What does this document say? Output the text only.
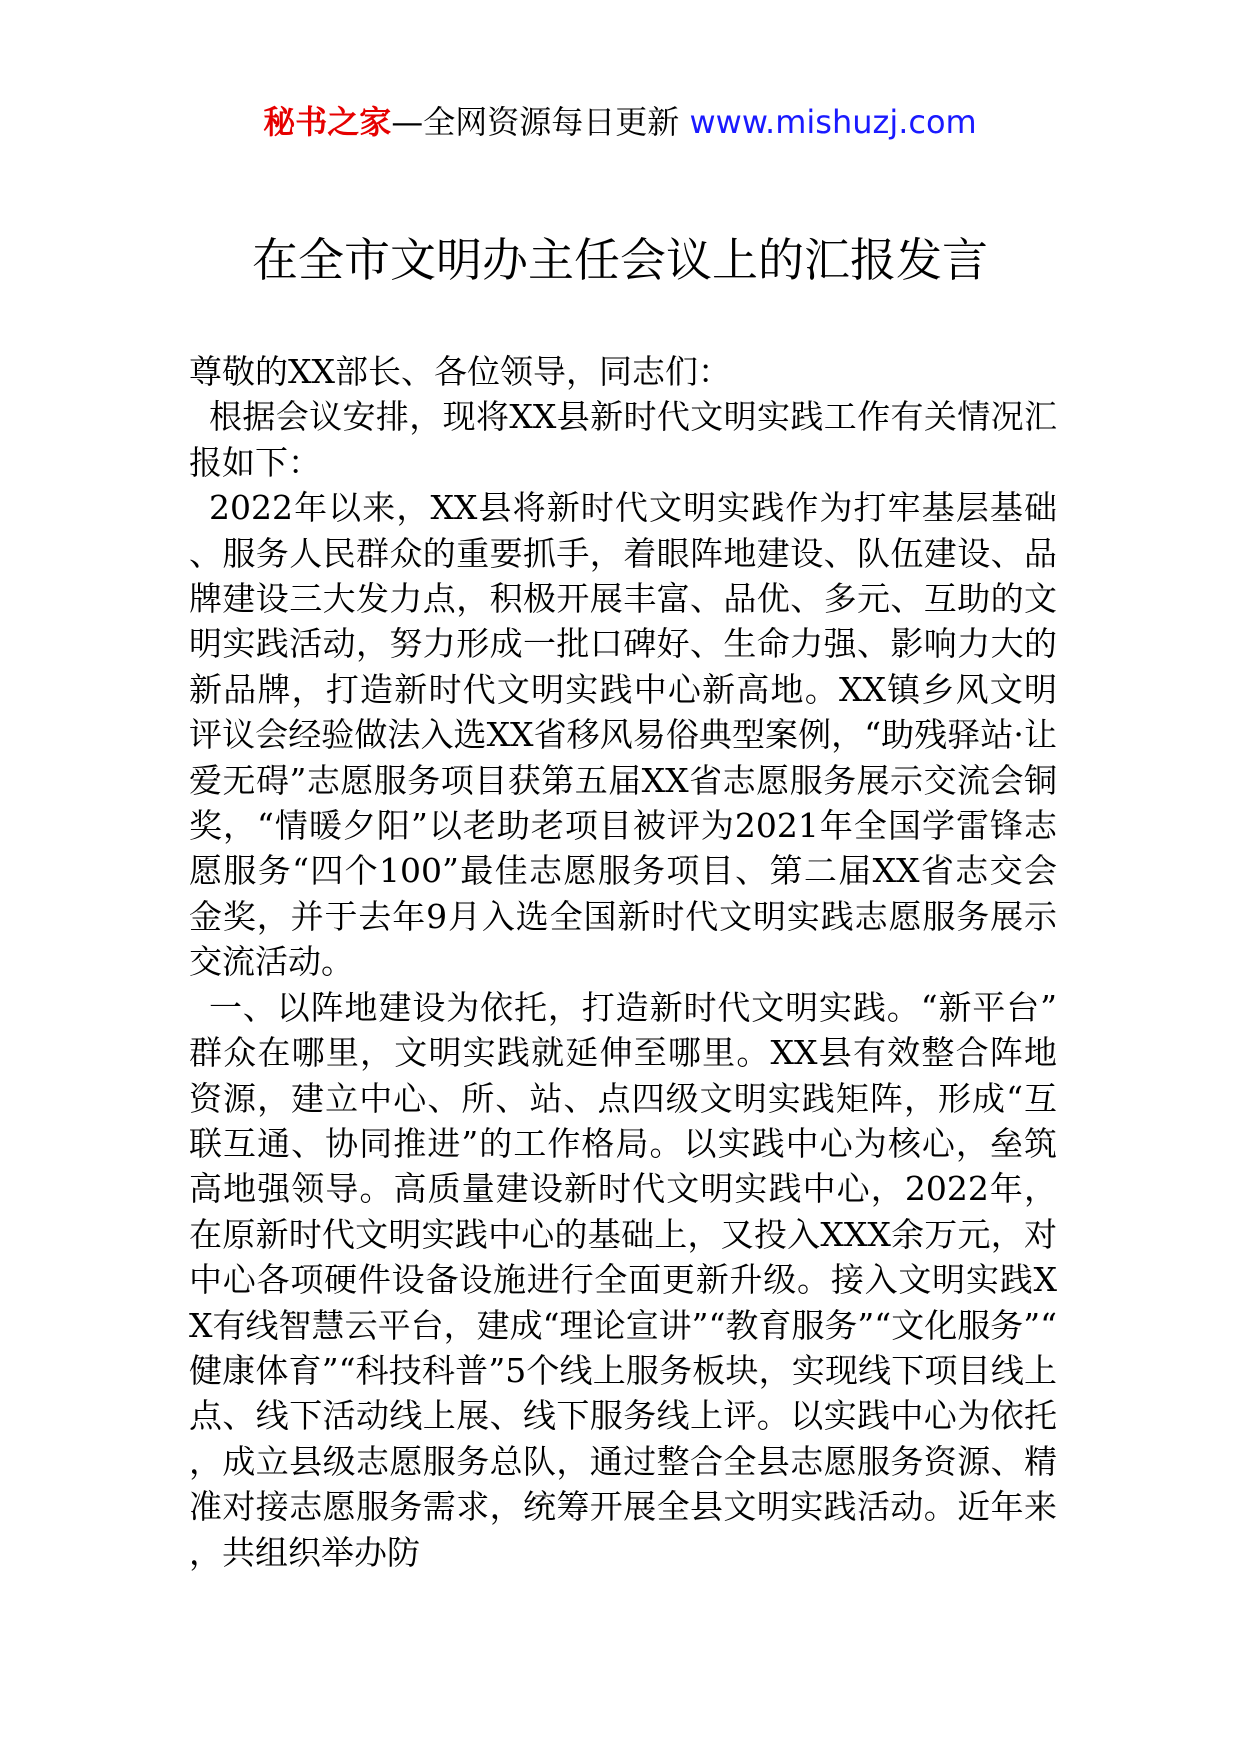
秘书之家—全网资源每日更新 www.mishuzj.com
在全市文明办主任会议上的汇报发言

尊敬的XX部长、各位领导，同志们：

根据会议安排，现将XX县新时代文明实践工作有关情况汇报如下：

2022年以来，XX县将新时代文明实践作为打牢基层基础、服务人民群众的重要抓手，着眼阵地建设、队伍建设、品牌建设三大发力点，积极开展丰富、品优、多元、互助的文明实践活动，努力形成一批口碑好、生命力强、影响力大的新品牌，打造新时代文明实践中心新高地。XX镇乡风文明评议会经验做法入选XX省移风易俗典型案例，“助残驿站·让爱无碍”志愿服务项目获第五届XX省志愿服务展示交流会铜奖，“情暖夕阳”以老助老项目被评为2021年全国学雷锋志愿服务“四个100”最佳志愿服务项目、第二届XX省志交会金奖，并于去年9月入选全国新时代文明实践志愿服务展示交流活动。

一、以阵地建设为依托，打造新时代文明实践。“新平台”群众在哪里，文明实践就延伸至哪里。XX县有效整合阵地资源，建立中心、所、站、点四级文明实践矩阵，形成“互联互通、协同推进”的工作格局。以实践中心为核心，垒筑高地强领导。高质量建设新时代文明实践中心，2022年，在原新时代文明实践中心的基础上，又投入XXX余万元，对中心各项硬件设备设施进行全面更新升级。接入文明实践XX有线智慧云平台，建成“理论宣讲”“教育服务”“文化服务”“健康体育”“科技科普”5个线上服务板块，实现线下项目线上点、线下活动线上展、线下服务线上评。以实践中心为依托，成立县级志愿服务总队，通过整合全县志愿服务资源、精准对接志愿服务需求，统筹开展全县文明实践活动。近年来，共组织举办防
